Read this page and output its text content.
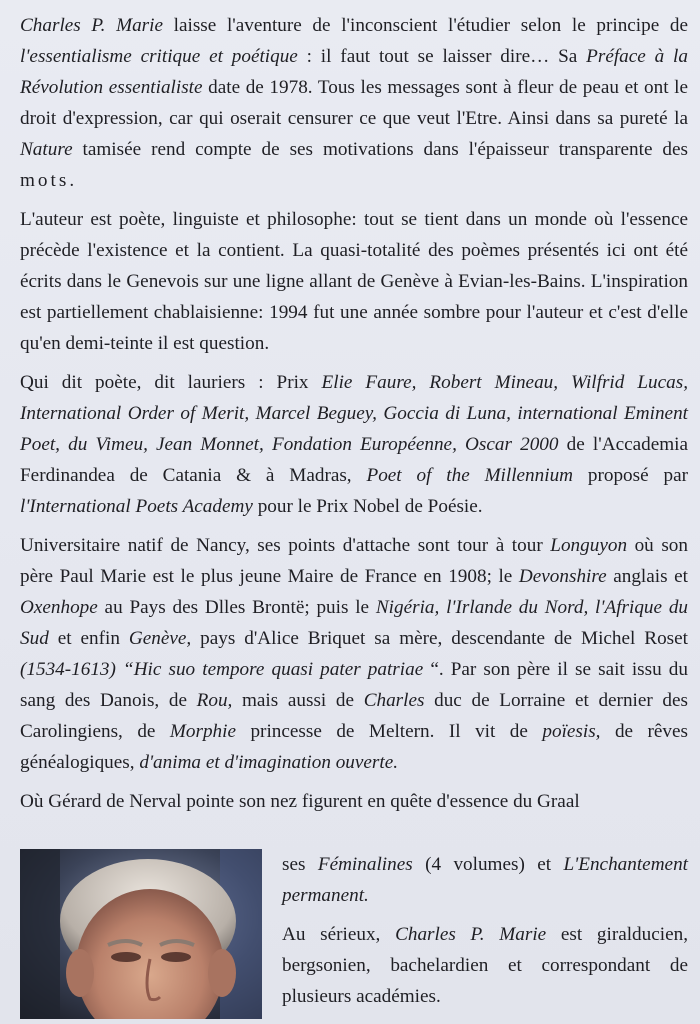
Charles P. Marie laisse l'aventure de l'inconscient l'étudier selon le principe de l'essentialisme critique et poétique : il faut tout se laisser dire… Sa Préface à la Révolution essentialiste date de 1978. Tous les messages sont à fleur de peau et ont le droit d'expression, car qui oserait censurer ce que veut l'Etre. Ainsi dans sa pureté la Nature tamisée rend compte de ses motivations dans l'épaisseur transparente des mots.

L'auteur est poète, linguiste et philosophe: tout se tient dans un monde où l'essence précède l'existence et la contient. La quasi-totalité des poèmes présentés ici ont été écrits dans le Genevois sur une ligne allant de Genève à Evian-les-Bains. L'inspiration est partiellement chablaisienne: 1994 fut une année sombre pour l'auteur et c'est d'elle qu'en demi-teinte il est question.

Qui dit poète, dit lauriers : Prix Elie Faure, Robert Mineau, Wilfrid Lucas, International Order of Merit, Marcel Beguey, Goccia di Luna, international Eminent Poet, du Vimeu, Jean Monnet, Fondation Européenne, Oscar 2000 de l'Accademia Ferdinandea de Catania & à Madras, Poet of the Millennium proposé par l'International Poets Academy pour le Prix Nobel de Poésie.

Universitaire natif de Nancy, ses points d'attache sont tour à tour Longuyon où son père Paul Marie est le plus jeune Maire de France en 1908; le Devonshire anglais et Oxenhope au Pays des Dlles Brontë; puis le Nigéria, l'Irlande du Nord, l'Afrique du Sud et enfin Genève, pays d'Alice Briquet sa mère, descendante de Michel Roset (1534-1613) “Hic suo tempore quasi pater patriae “. Par son père il se sait issu du sang des Danois, de Rou, mais aussi de Charles duc de Lorraine et dernier des Carolingiens, de Morphie princesse de Meltern. Il vit de poïesis, de rêves généalogiques, d'anima et d'imagination ouverte.

Où Gérard de Nerval pointe son nez figurent en quête d'essence du Graal

ses Féminalines (4 volumes) et L'Enchantement permanent.

Au sérieux, Charles P. Marie est giralducien, bergsonien, bachelardien et correspondant de plusieurs académies.
